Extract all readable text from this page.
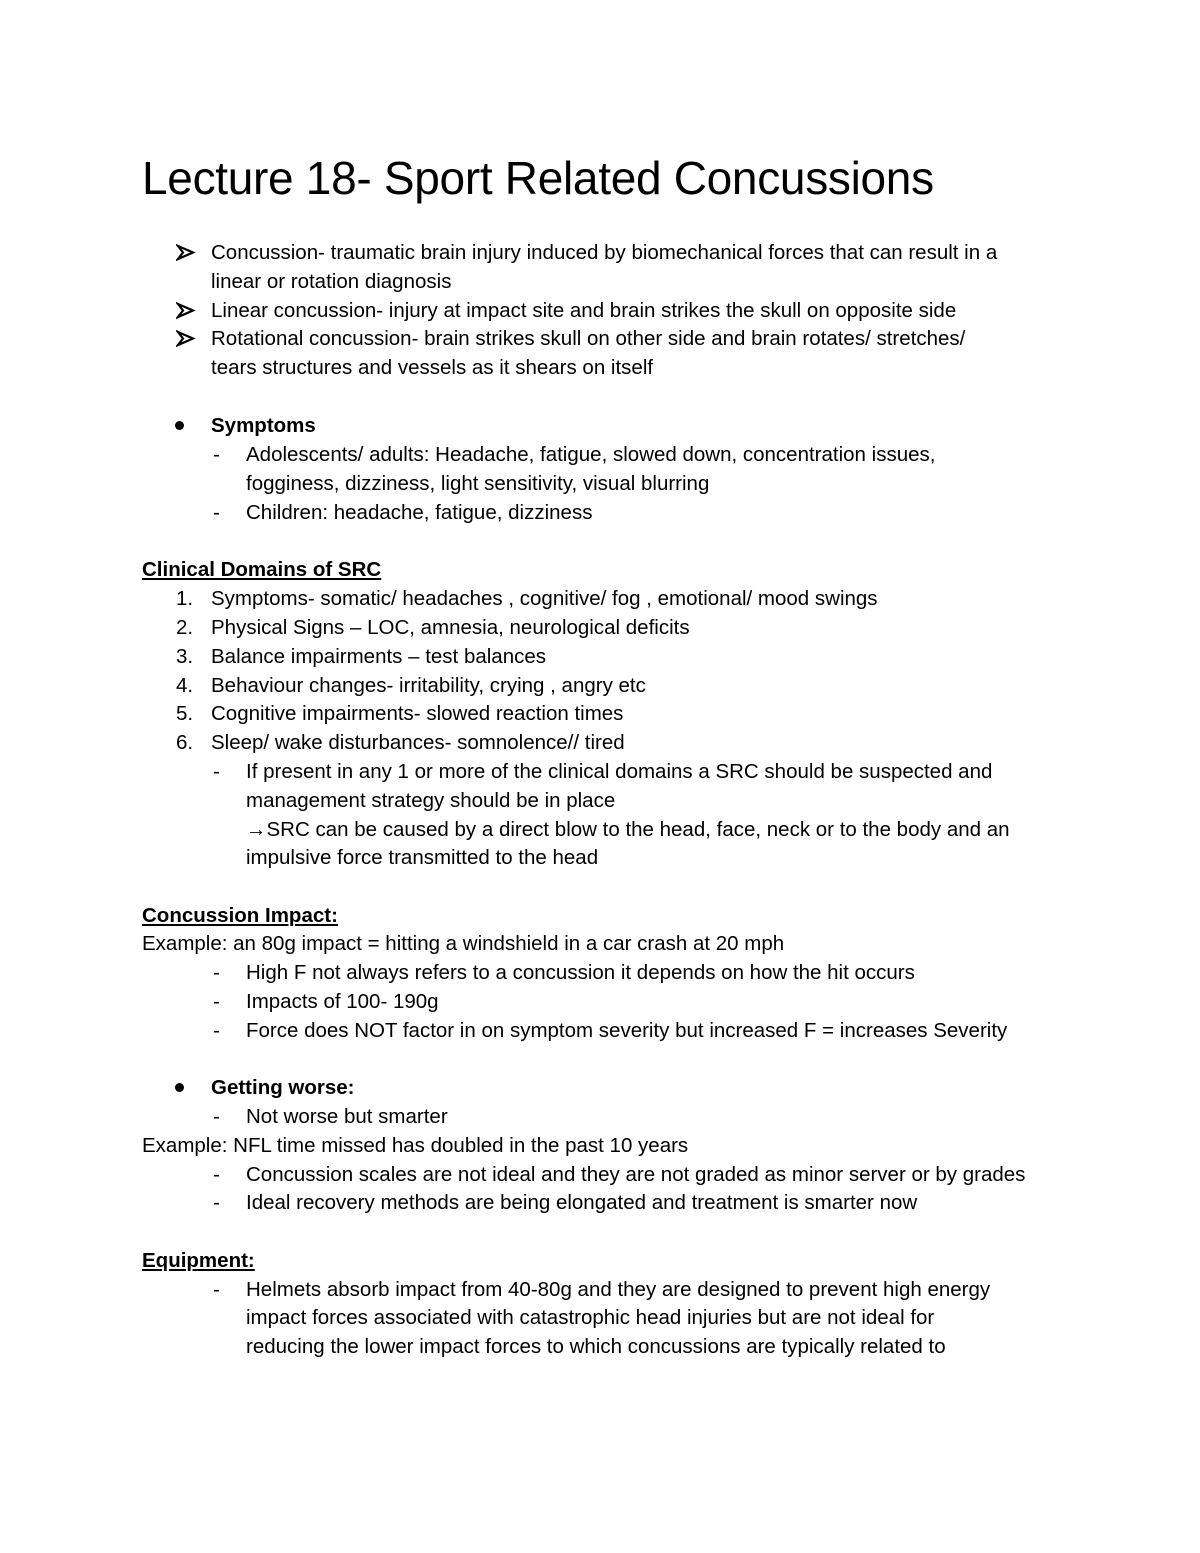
Lecture 18- Sport Related Concussions
Concussion- traumatic brain injury induced by biomechanical forces that can result in a
linear or rotation diagnosis
Linear concussion- injury at impact site and brain strikes the skull on opposite side
Rotational concussion- brain strikes skull on other side and brain rotates/ stretches/
tears structures and vessels as it shears on itself
Symptoms
- Adolescents/ adults: Headache, fatigue, slowed down, concentration issues,
fogginess, dizziness, light sensitivity, visual blurring
- Children: headache, fatigue, dizziness
Clinical Domains of SRC
1. Symptoms- somatic/ headaches , cognitive/ fog , emotional/ mood swings
2. Physical Signs – LOC, amnesia, neurological deficits
3. Balance impairments – test balances
4. Behaviour changes- irritability, crying , angry etc
5. Cognitive impairments- slowed reaction times
6. Sleep/ wake disturbances- somnolence// tired
- If present in any 1 or more of the clinical domains a SRC should be suspected and
management strategy should be in place
→SRC can be caused by a direct blow to the head, face, neck or to the body and an
impulsive force transmitted to the head
Concussion Impact:
Example: an 80g impact = hitting a windshield in a car crash at 20 mph
- High F not always refers to a concussion it depends on how the hit occurs
- Impacts of 100- 190g
- Force does NOT factor in on symptom severity but increased F = increases Severity
Getting worse:
- Not worse but smarter
Example: NFL time missed has doubled in the past 10 years
- Concussion scales are not ideal and they are not graded as minor server or by grades
- Ideal recovery methods are being elongated and treatment is smarter now
Equipment:
- Helmets absorb impact from 40-80g and they are designed to prevent high energy
impact forces associated with catastrophic head injuries but are not ideal for
reducing the lower impact forces to which concussions are typically related to
